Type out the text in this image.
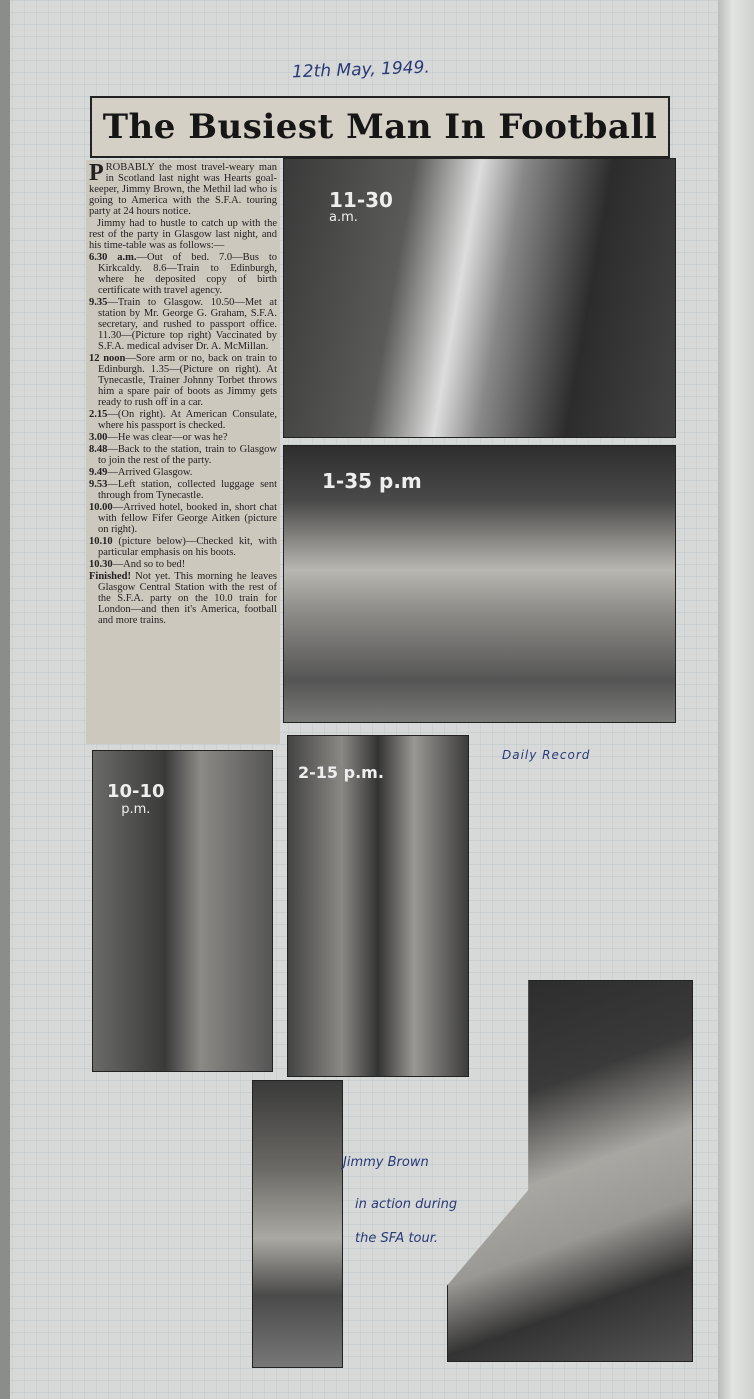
12th May, 1949.
The Busiest Man In Football

PROBABLY the most travel-weary man in Scotland last night was Hearts goal-keeper, Jimmy Brown, the Methil lad who is going to America with the S.F.A. touring party at 24 hours notice.

Jimmy had to hustle to catch up with the rest of the party in Glasgow last night, and his time-table was as follows:—

6.30 a.m.—Out of bed. 7.0—Bus to Kirkcaldy. 8.6—Train to Edinburgh, where he deposited copy of birth certificate with travel agency.

9.35—Train to Glasgow. 10.50—Met at station by Mr. George G. Graham, S.F.A. secretary, and rushed to passport office. 11.30—(Picture top right) Vaccinated by S.F.A. medical adviser Dr. A. McMillan.

12 noon—Sore arm or no, back on train to Edinburgh. 1.35—(Picture on right). At Tynecastle, Trainer Johnny Torbet throws him a spare pair of boots as Jimmy gets ready to rush off in a car.

2.15—(On right). At American Consulate, where his passport is checked.

3.00—He was clear—or was he?

8.48—Back to the station, train to Glasgow to join the rest of the party.

9.49—Arrived Glasgow.

9.53—Left station, collected luggage sent through from Tynecastle.

10.00—Arrived hotel, booked in, short chat with fellow Fifer George Aitken (picture on right).

10.10 (picture below)—Checked kit, with particular emphasis on his boots.

10.30—And so to bed!

Finished! Not yet. This morning he leaves Glasgow Central Station with the rest of the S.F.A. party on the 10.0 train for London—and then it's America, football and more trains.

11-30
a.m.
1-35 p.m
10-10
p.m.
2-15 p.m.
Daily Record
Jimmy Brown
in action during
the SFA tour.
